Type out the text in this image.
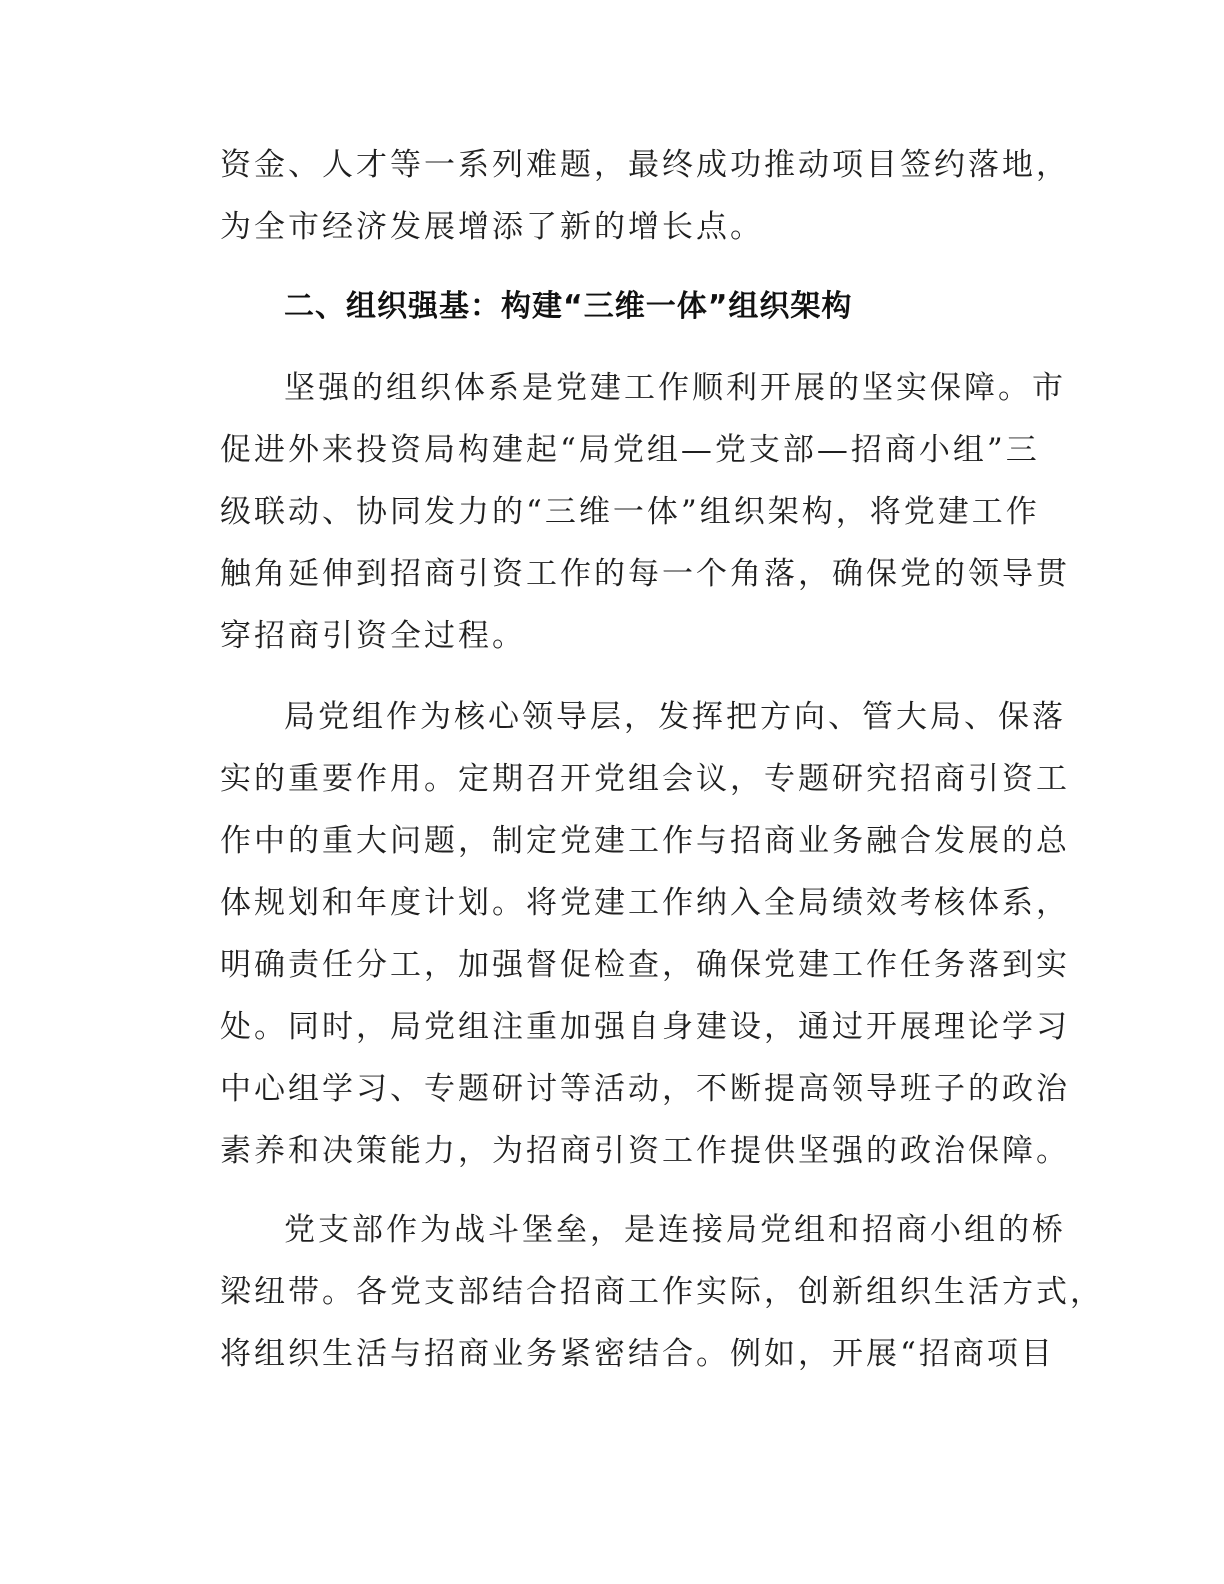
资金、人才等一系列难题，最终成功推动项目签约落地，
为全市经济发展增添了新的增长点。
二、组织强基：构建“三维一体”组织架构
坚强的组织体系是党建工作顺利开展的坚实保障。市
促进外来投资局构建起“局党组—党支部—招商小组”三
级联动、协同发力的“三维一体”组织架构，将党建工作
触角延伸到招商引资工作的每一个角落，确保党的领导贯
穿招商引资全过程。
局党组作为核心领导层，发挥把方向、管大局、保落
实的重要作用。定期召开党组会议，专题研究招商引资工
作中的重大问题，制定党建工作与招商业务融合发展的总
体规划和年度计划。将党建工作纳入全局绩效考核体系，
明确责任分工，加强督促检查，确保党建工作任务落到实
处。同时，局党组注重加强自身建设，通过开展理论学习
中心组学习、专题研讨等活动，不断提高领导班子的政治
素养和决策能力，为招商引资工作提供坚强的政治保障。
党支部作为战斗堡垒，是连接局党组和招商小组的桥
梁纽带。各党支部结合招商工作实际，创新组织生活方式，
将组织生活与招商业务紧密结合。例如，开展“招商项目
